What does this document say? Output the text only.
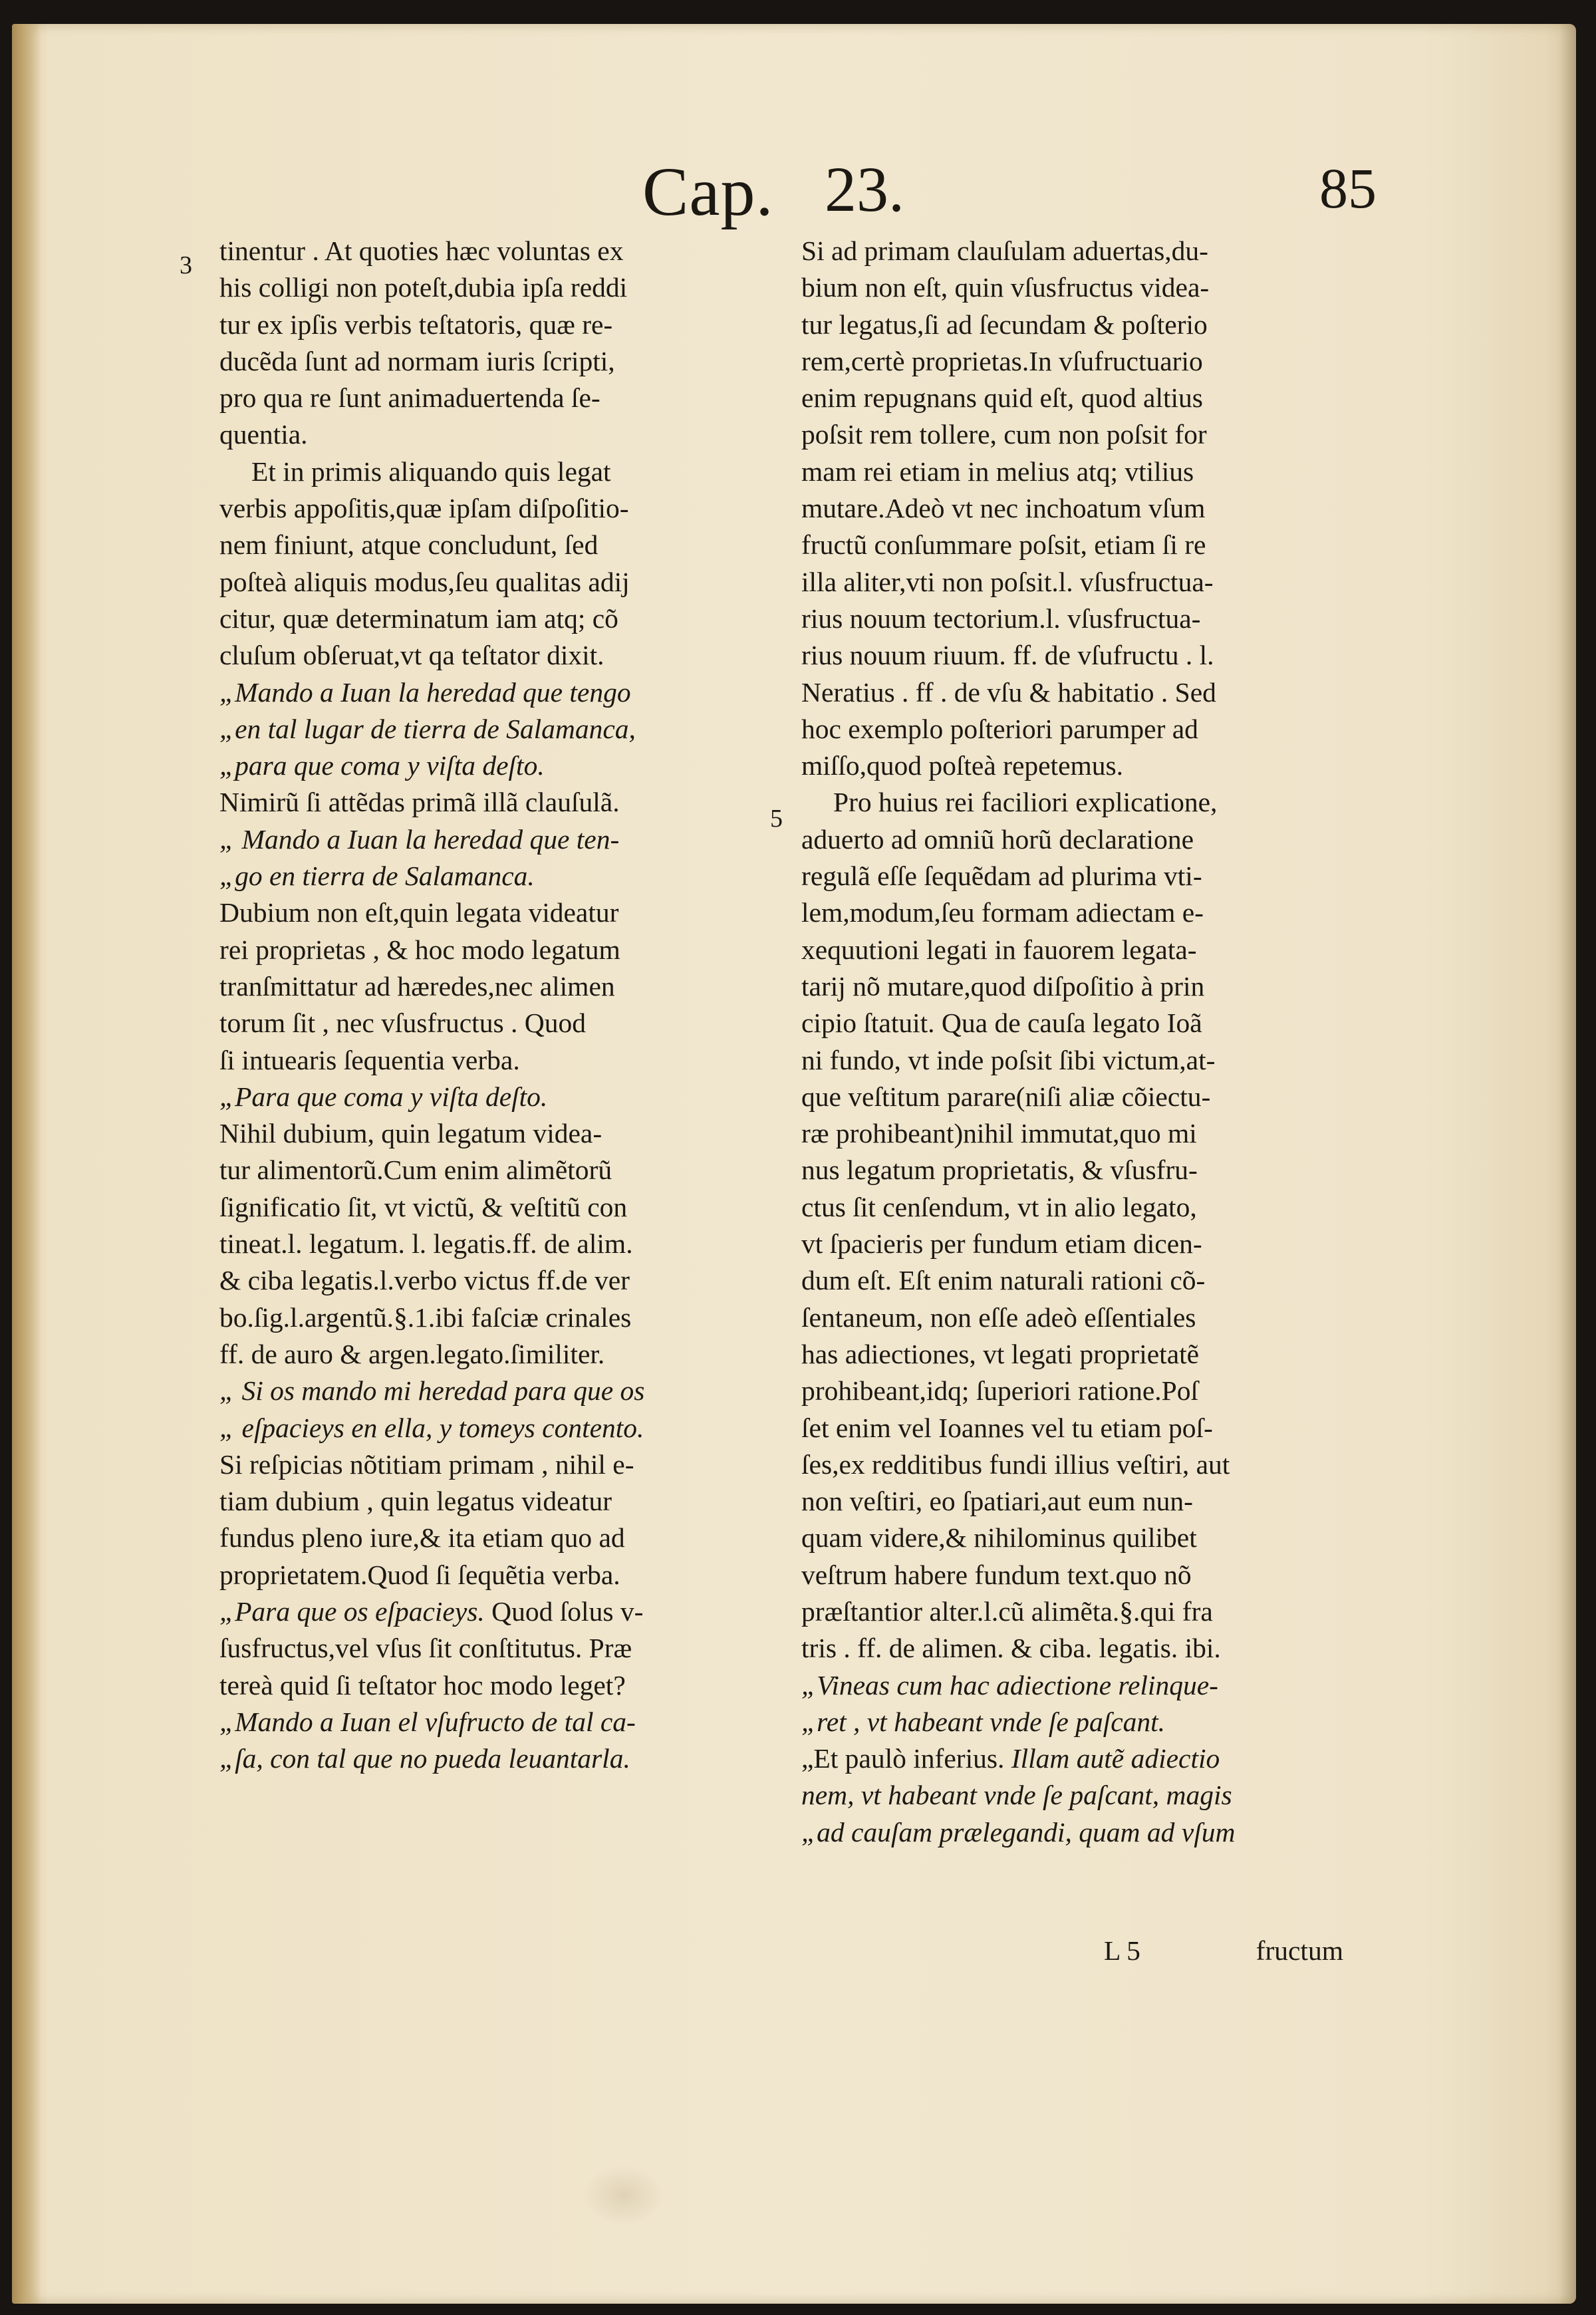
Cap. 23.	85
3
5
tinentur . At quoties hæc voluntas ex
his colligi non poteſt,dubia ipſa reddi
tur ex ipſis verbis teſtatoris, quæ re-
ducẽda ſunt ad normam iuris ſcripti,
pro qua re ſunt animaduertenda ſe-
quentia.
Et in primis aliquando quis legat
verbis appoſitis,quæ ipſam diſpoſitio-
nem finiunt, atque concludunt, ſed
poſteà aliquis modus,ſeu qualitas adij
citur, quæ determinatum iam atq; cõ
cluſum obſeruat,vt qa teſtator dixit.
„Mando a Iuan la heredad que tengo
„en tal lugar de tierra de Salamanca,
„para que coma y viſta deſto.
Nimirũ ſi attẽdas primã illã clauſulã.
„ Mando a Iuan la heredad que ten-
„go en tierra de Salamanca.
Dubium non eſt,quin legata videatur
rei proprietas , & hoc modo legatum
tranſmittatur ad hæredes,nec alimen
torum ſit , nec vſusfructus . Quod
ſi intuearis ſequentia verba.
„Para que coma y viſta deſto.
Nihil dubium, quin legatum videa-
tur alimentorũ.Cum enim alimẽtorũ
ſignificatio ſit, vt victũ, & veſtitũ con
tineat.l. legatum. l. legatis.ff. de alim.
& ciba legatis.l.verbo victus ff.de ver
bo.ſig.l.argentũ.§.1.ibi faſciæ crinales
ff. de auro & argen.legato.ſimiliter.
„ Si os mando mi heredad para que os
„ eſpacieys en ella, y tomeys contento.
Si reſpicias nõtitiam primam , nihil e-
tiam dubium , quin legatus videatur
fundus pleno iure,& ita etiam quo ad
proprietatem.Quod ſi ſequẽtia verba.
„Para que os eſpacieys. Quod ſolus v-
ſusfructus,vel vſus ſit conſtitutus. Præ
tereà quid ſi teſtator hoc modo leget?
„Mando a Iuan el vſufructo de tal ca-
„ſa, con tal que no pueda leuantarla.
Si ad primam clauſulam aduertas,du-
bium non eſt, quin vſusfructus videa-
tur legatus,ſi ad ſecundam & poſterio
rem,certè proprietas.In vſufructuario
enim repugnans quid eſt, quod altius
poſsit rem tollere, cum non poſsit for
mam rei etiam in melius atq; vtilius
mutare.Adeò vt nec inchoatum vſum
fructũ conſummare poſsit, etiam ſi re
illa aliter,vti non poſsit.l. vſusfructua-
rius nouum tectorium.l. vſusfructua-
rius nouum riuum. ff. de vſufructu . l.
Neratius . ff . de vſu & habitatio . Sed
hoc exemplo poſteriori parumper ad
miſſo,quod poſteà repetemus.
Pro huius rei faciliori explicatione,
aduerto ad omniũ horũ declaratione
regulã eſſe ſequẽdam ad plurima vti-
lem,modum,ſeu formam adiectam e-
xequutioni legati in fauorem legata-
tarij nõ mutare,quod diſpoſitio à prin
cipio ſtatuit. Qua de cauſa legato Ioã
ni fundo, vt inde poſsit ſibi victum,at-
que veſtitum parare(niſi aliæ cõiectu-
ræ prohibeant)nihil immutat,quo mi
nus legatum proprietatis, & vſusfru-
ctus ſit cenſendum, vt in alio legato,
vt ſpacieris per fundum etiam dicen-
dum eſt. Eſt enim naturali rationi cõ-
ſentaneum, non eſſe adeò eſſentiales
has adiectiones, vt legati proprietatẽ
prohibeant,idq; ſuperiori ratione.Poſ
ſet enim vel Ioannes vel tu etiam poſ-
ſes,ex redditibus fundi illius veſtiri, aut
non veſtiri, eo ſpatiari,aut eum nun-
quam videre,& nihilominus quilibet
veſtrum habere fundum text.quo nõ
præſtantior alter.l.cũ alimẽta.§.qui fra
tris . ff. de alimen. & ciba. legatis. ibi.
„Vineas cum hac adiectione relinque-
„ret , vt habeant vnde ſe paſcant.
„Et paulò inferius. Illam autẽ adiectio
nem, vt habeant vnde ſe paſcant, magis
„ad cauſam prælegandi, quam ad vſum
L 5	fructum
